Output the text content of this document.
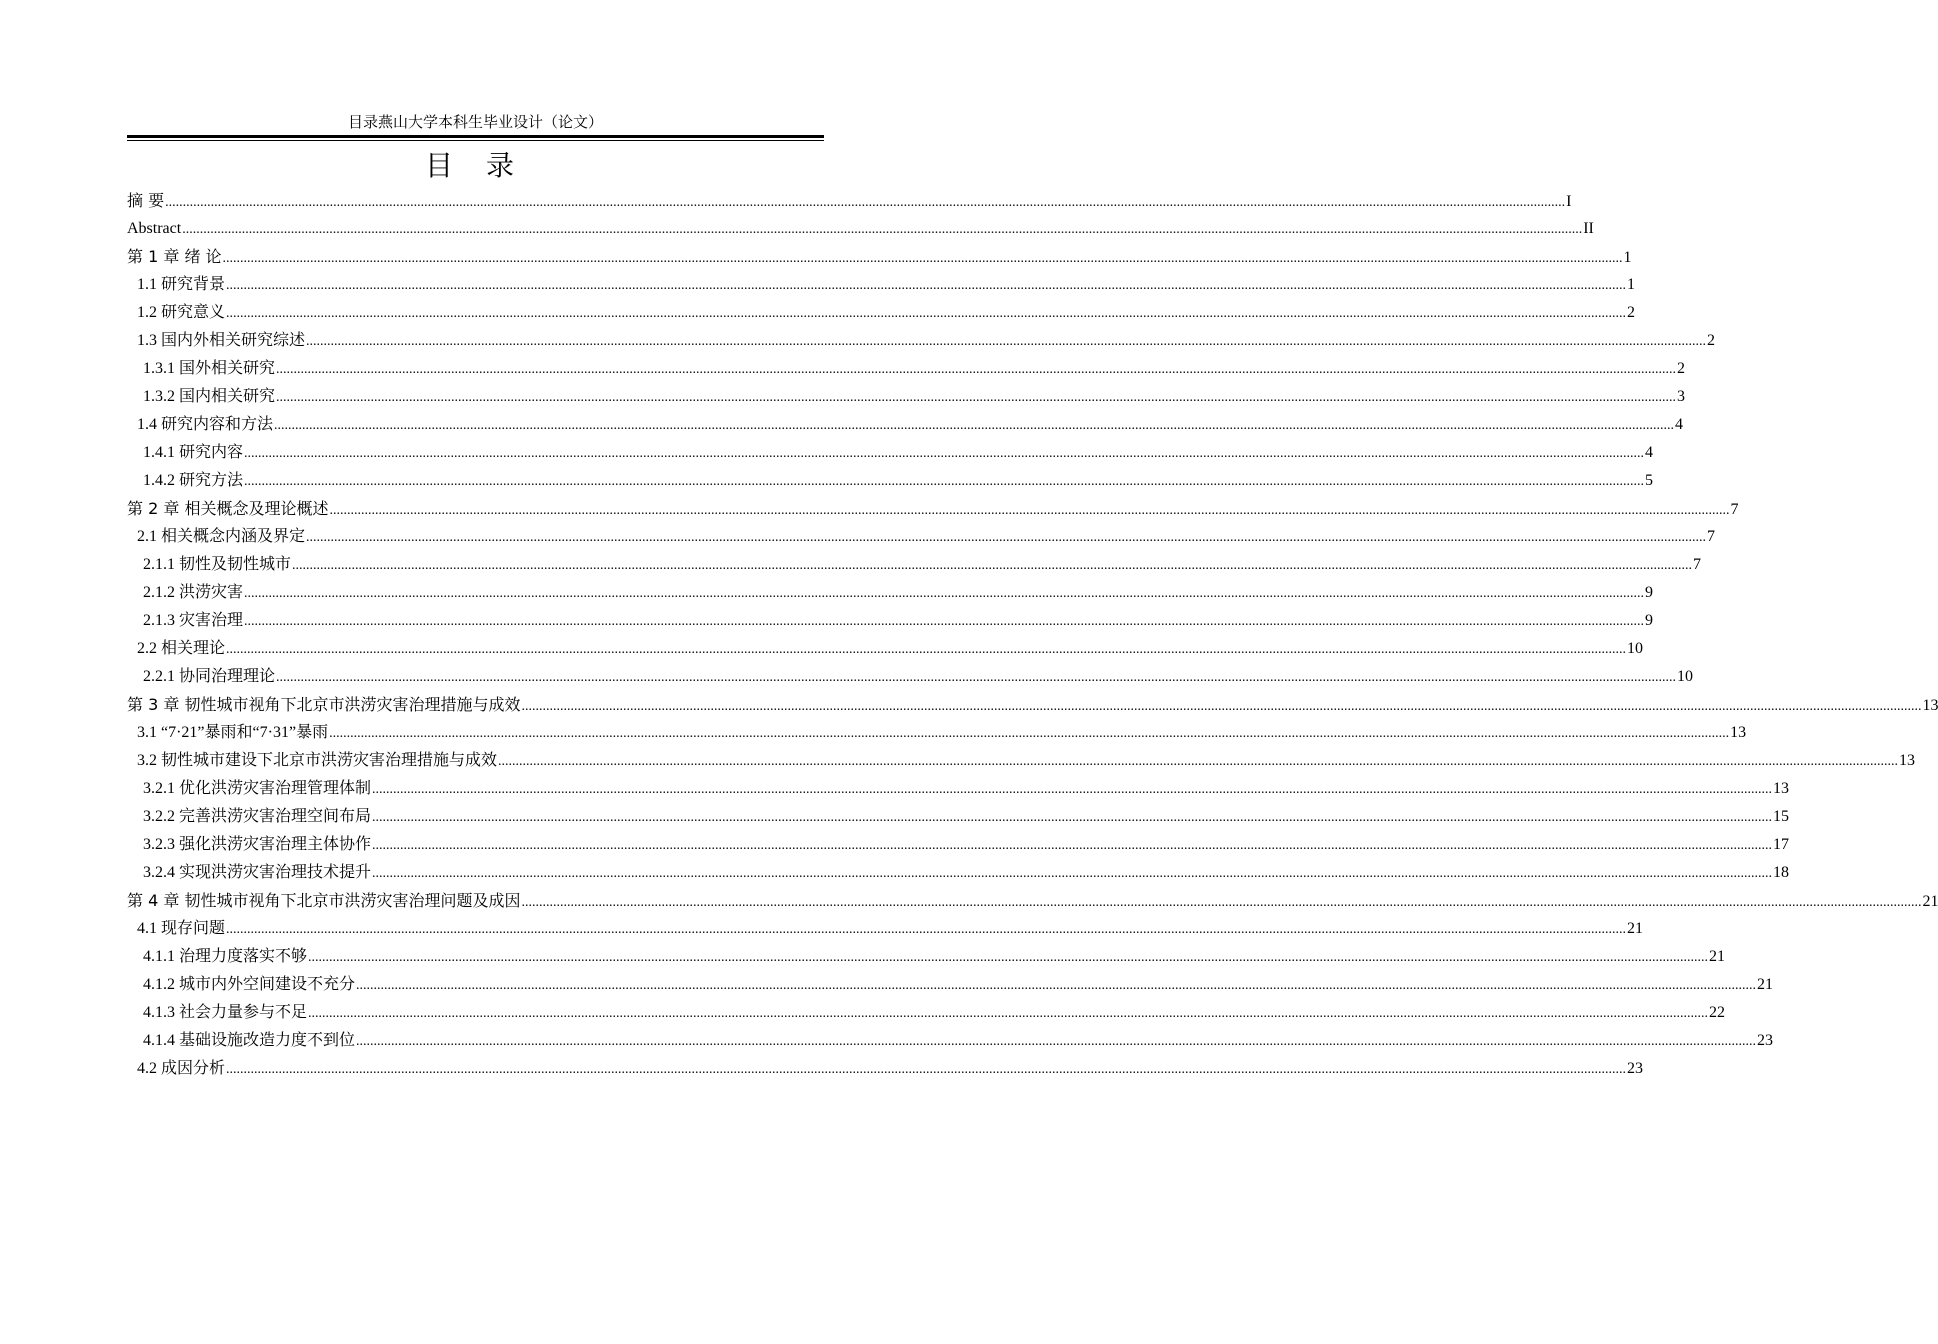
目录燕山大学本科生毕业设计（论文）
目 录
摘 要 ................................................................................................................................................................................................................................................................................................................................................................................................................ I
Abstract ................................................................................................................................................................................................................................................................................................................................................................................................................ II
第 1 章 绪 论 ................................................................................................................................................................................................................................................................................................................................................................................................................ 1
1.1 研究背景 ................................................................................................................................................................................................................................................................................................................................................................................................................ 1
1.2 研究意义 ................................................................................................................................................................................................................................................................................................................................................................................................................ 2
1.3 国内外相关研究综述 ................................................................................................................................................................................................................................................................................................................................................................................................................ 2
1.3.1 国外相关研究 ................................................................................................................................................................................................................................................................................................................................................................................................................ 2
1.3.2 国内相关研究 ................................................................................................................................................................................................................................................................................................................................................................................................................ 3
1.4 研究内容和方法 ................................................................................................................................................................................................................................................................................................................................................................................................................ 4
1.4.1 研究内容 ................................................................................................................................................................................................................................................................................................................................................................................................................ 4
1.4.2 研究方法 ................................................................................................................................................................................................................................................................................................................................................................................................................ 5
第 2 章 相关概念及理论概述 ................................................................................................................................................................................................................................................................................................................................................................................................................ 7
2.1 相关概念内涵及界定 ................................................................................................................................................................................................................................................................................................................................................................................................................ 7
2.1.1 韧性及韧性城市 ................................................................................................................................................................................................................................................................................................................................................................................................................ 7
2.1.2 洪涝灾害 ................................................................................................................................................................................................................................................................................................................................................................................................................ 9
2.1.3 灾害治理 ................................................................................................................................................................................................................................................................................................................................................................................................................ 9
2.2 相关理论 ................................................................................................................................................................................................................................................................................................................................................................................................................ 10
2.2.1 协同治理理论 ................................................................................................................................................................................................................................................................................................................................................................................................................ 10
第 3 章 韧性城市视角下北京市洪涝灾害治理措施与成效 ................................................................................................................................................................................................................................................................................................................................................................................................................ 13
3.1 “7·21”暴雨和“7·31”暴雨 ................................................................................................................................................................................................................................................................................................................................................................................................................ 13
3.2 韧性城市建设下北京市洪涝灾害治理措施与成效 ................................................................................................................................................................................................................................................................................................................................................................................................................ 13
3.2.1 优化洪涝灾害治理管理体制 ................................................................................................................................................................................................................................................................................................................................................................................................................ 13
3.2.2 完善洪涝灾害治理空间布局 ................................................................................................................................................................................................................................................................................................................................................................................................................ 15
3.2.3 强化洪涝灾害治理主体协作 ................................................................................................................................................................................................................................................................................................................................................................................................................ 17
3.2.4 实现洪涝灾害治理技术提升 ................................................................................................................................................................................................................................................................................................................................................................................................................ 18
第 4 章 韧性城市视角下北京市洪涝灾害治理问题及成因 ................................................................................................................................................................................................................................................................................................................................................................................................................ 21
4.1 现存问题 ................................................................................................................................................................................................................................................................................................................................................................................................................ 21
4.1.1 治理力度落实不够 ................................................................................................................................................................................................................................................................................................................................................................................................................ 21
4.1.2 城市内外空间建设不充分 ................................................................................................................................................................................................................................................................................................................................................................................................................ 21
4.1.3 社会力量参与不足 ................................................................................................................................................................................................................................................................................................................................................................................................................ 22
4.1.4 基础设施改造力度不到位 ................................................................................................................................................................................................................................................................................................................................................................................................................ 23
4.2 成因分析 ................................................................................................................................................................................................................................................................................................................................................................................................................ 23
